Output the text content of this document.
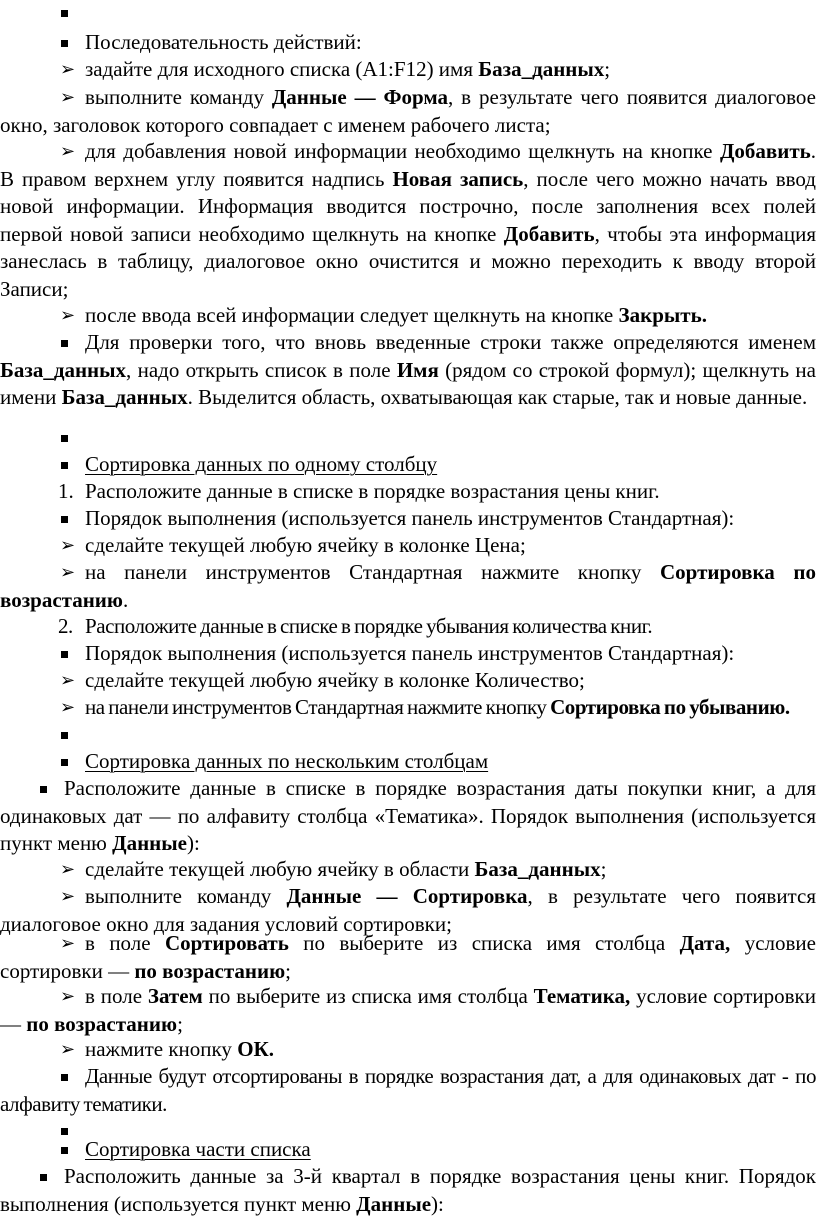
Последовательность действий:
➢ задайте для исходного списка (A1:F12) имя База_данных;
➢ выполните команду Данные — Форма, в результате чего появится диалоговое окно, заголовок которого совпадает с именем рабочего листа;
➢ для добавления новой информации необходимо щелкнуть на кнопке Добавить. В правом верхнем углу появится надпись Новая запись, после чего можно начать ввод новой информации. Информация вводится построчно, после заполнения всех полей первой новой записи необходимо щелкнуть на кнопке Добавить, чтобы эта информация занеслась в таблицу, диалоговое окно очистится и можно переходить к вводу второй Записи;
➢ после ввода всей информации следует щелкнуть на кнопке Закрыть.
Для проверки того, что вновь введенные строки также определяются именем База_данных, надо открыть список в поле Имя (рядом со строкой формул); щелкнуть на имени База_данных. Выделится область, охватывающая как старые, так и новые данные.
Сортировка данных по одному столбцу
1. Расположите данные в списке в порядке возрастания цены книг.
Порядок выполнения (используется панель инструментов Стандартная):
➢ сделайте текущей любую ячейку в колонке Цена;
➢ на панели инструментов Стандартная нажмите кнопку Сортировка по возрастанию.
2. Расположите данные в списке в порядке убывания количества книг.
Порядок выполнения (используется панель инструментов Стандартная):
➢ сделайте текущей любую ячейку в колонке Количество;
➢ на панели инструментов Стандартная нажмите кнопку Сортировка по убыванию.
Сортировка данных по нескольким столбцам
Расположите данные в списке в порядке возрастания даты покупки книг, а для одинаковых дат — по алфавиту столбца «Тематика». Порядок выполнения (используется пункт меню Данные):
➢ сделайте текущей любую ячейку в области База_данных;
➢ выполните команду Данные — Сортировка, в результате чего появится диалоговое окно для задания условий сортировки;
➢ в поле Сортировать по выберите из списка имя столбца Дата, условие сортировки — по возрастанию;
➢ в поле Затем по выберите из списка имя столбца Тематика, условие сортировки — по возрастанию;
➢ нажмите кнопку ОК.
Данные будут отсортированы в порядке возрастания дат, а для одинаковых дат - по алфавиту тематики.
Сортировка части списка
Расположить данные за 3-й квартал в порядке возрастания цены книг. Порядок выполнения (используется пункт меню Данные):
